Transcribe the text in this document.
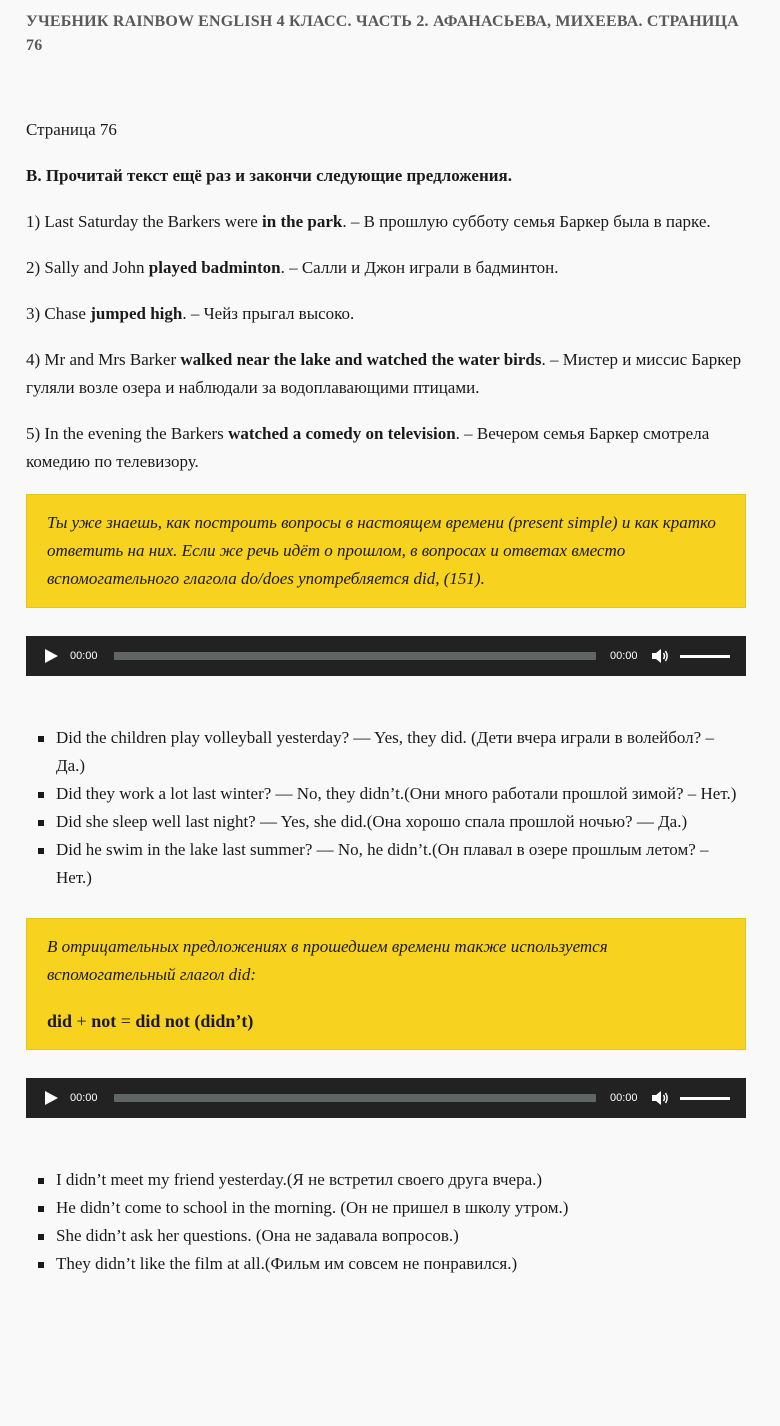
УЧЕБНИК RAINBOW ENGLISH 4 КЛАСС. ЧАСТЬ 2. АФАНАСЬЕВА, МИХЕЕВА. СТРАНИЦА 76

Страница 76

B. Прочитай текст ещё раз и закончи следующие предложения.

1) Last Saturday the Barkers were in the park. – В прошлую субботу семья Баркер была в парке.

2) Sally and John played badminton. – Салли и Джон играли в бадминтон.

3) Chase jumped high. – Чейз прыгал высоко.

4) Mr and Mrs Barker walked near the lake and watched the water birds. – Мистер и миссис Баркер гуляли возле озера и наблюдали за водоплавающими птицами.

5) In the evening the Barkers watched a comedy on television. – Вечером семья Баркер смотрела комедию по телевизору.

Ты уже знаешь, как построить вопросы в настоящем времени (present simple) и как кратко ответить на них. Если же речь идёт о прошлом, в вопросах и ответах вместо вспомогательного глагола do/does употребляется did, (151).

00:00	00:00
Did the children play volleyball yesterday? — Yes, they did. (Дети вчера играли в волейбол? – Да.)
Did they work a lot last winter? — No, they didn’t.(Они много работали прошлой зимой? – Нет.)
Did she sleep well last night? — Yes, she did.(Она хорошо спала прошлой ночью? — Да.)
Did he swim in the lake last summer? — No, he didn’t.(Он плавал в озере прошлым летом? – Нет.)

В отрицательных предложениях в прошедшем времени также используется вспомогательный глагол did:

did + not = did not (didn’t)

00:00	00:00
I didn’t meet my friend yesterday.(Я не встретил своего друга вчера.)
He didn’t come to school in the morning. (Он не пришел в школу утром.)
She didn’t ask her questions. (Она не задавала вопросов.)
They didn’t like the film at all.(Фильм им совсем не понравился.)
